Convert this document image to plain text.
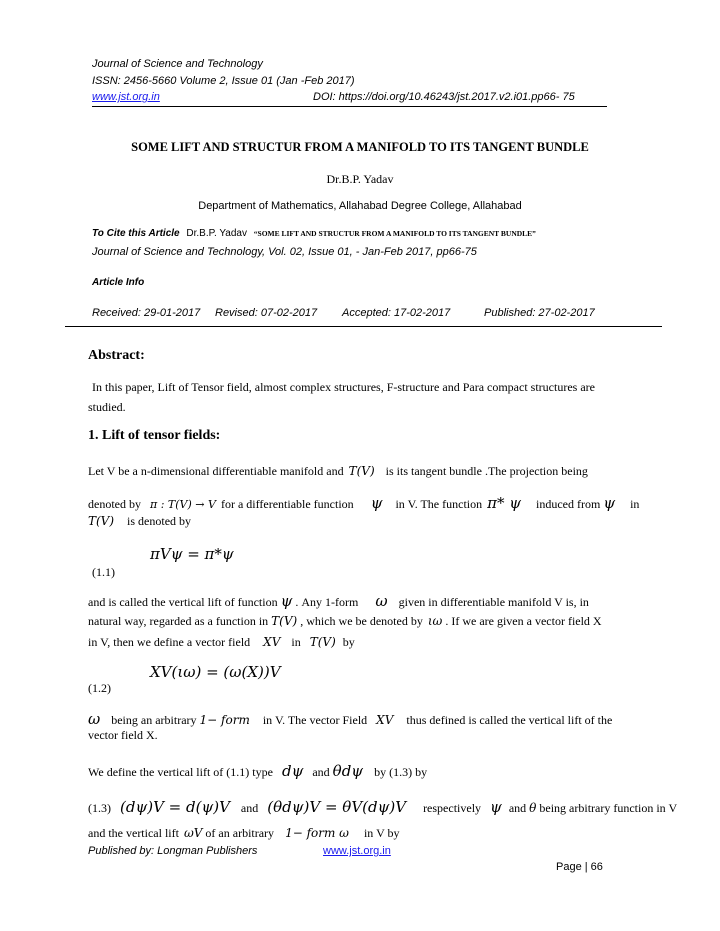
Journal of Science and Technology
ISSN: 2456-5660 Volume 2, Issue 01 (Jan -Feb 2017)
www.jst.org.in	DOI: https://doi.org/10.46243/jst.2017.v2.i01.pp66- 75
SOME LIFT AND STRUCTUR FROM A MANIFOLD TO ITS TANGENT BUNDLE
Dr.B.P. Yadav
Department of Mathematics, Allahabad Degree College, Allahabad
To Cite this Article Dr.B.P. Yadav “SOME LIFT AND STRUCTUR FROM A MANIFOLD TO ITS TANGENT BUNDLE”
Journal of Science and Technology, Vol. 02, Issue 01, - Jan-Feb 2017, pp66-75
Article Info
Received: 29-01-2017 Revised: 07-02-2017 Accepted: 17-02-2017	Published: 27-02-2017
Abstract:
In this paper, Lift of Tensor field, almost complex structures, F-structure and Para compact structures are
studied.
1. Lift of tensor fields:
Let V be a n-dimensional differentiable manifold and T(V) is its tangent bundle .The projection being
denoted by π : T(V) → V for a differentiable function ψ in V. The function π* ψ induced from ψ in
T(V) is denoted by
πVψ = π*ψ
(1.1)
and is called the vertical lift of function ψ . Any 1-form ω given in differentiable manifold V is, in
natural way, regarded as a function in T(V) , which we be denoted by ιω . If we are given a vector field X
in V, then we define a vector field XV in T(V) by
XV(ιω) = (ω(X))V
(1.2)
ω being an arbitrary 1− form in V. The vector Field XV thus defined is called the vertical lift of the
vector field X.
We define the vertical lift of (1.1) type dψ and θdψ by (1.3) by
(1.3) (dψ)V = d(ψ)V and (θdψ)V = θV(dψ)V respectively ψ and θ being arbitrary function in V
and the vertical lift ωV of an arbitrary 1− form ω in V by
Published by: Longman Publishers	www.jst.org.in
Page | 66
